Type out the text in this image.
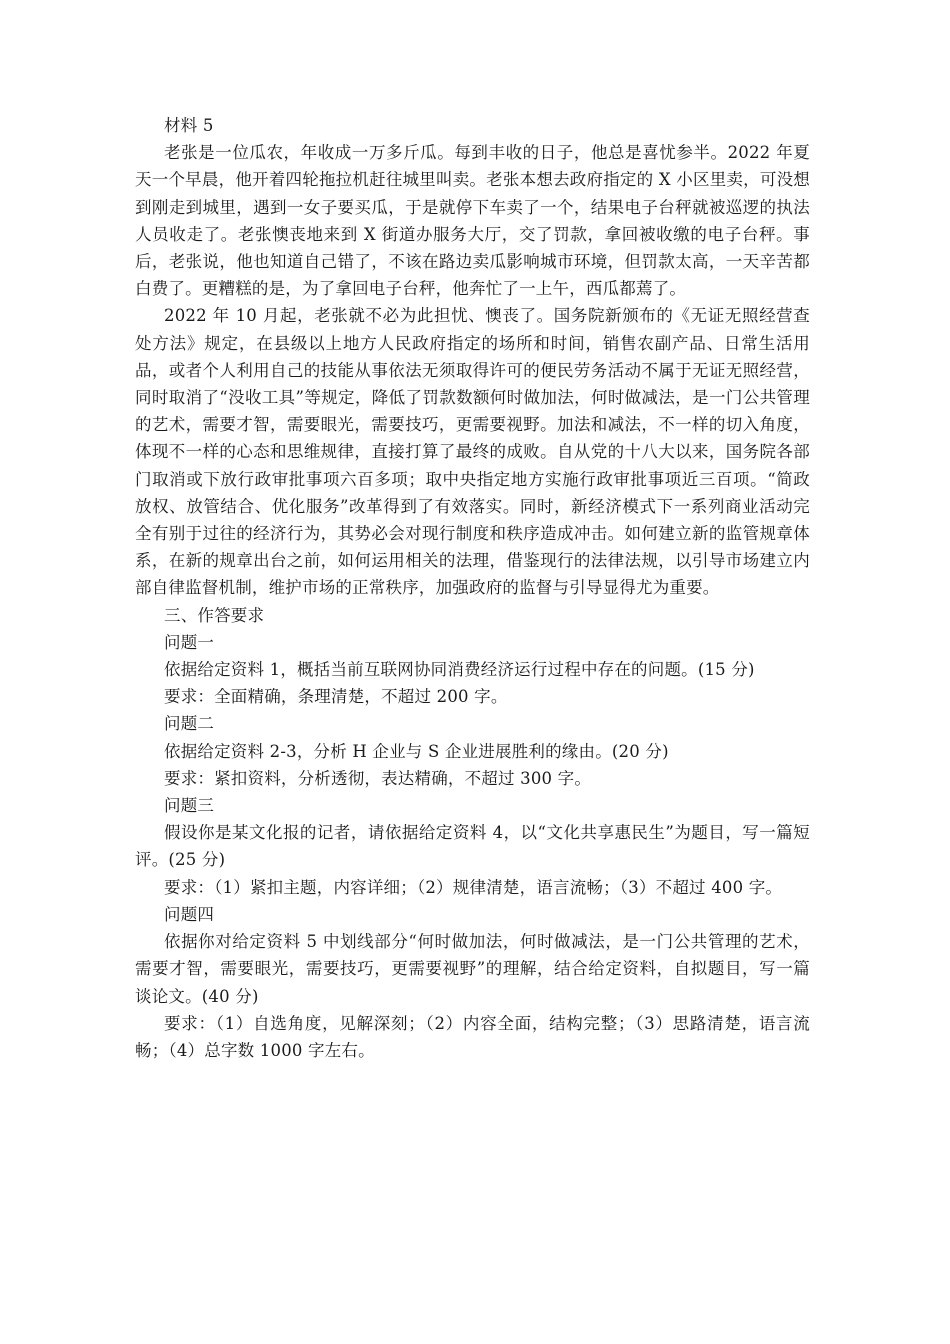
材料 5

老张是一位瓜农，年收成一万多斤瓜。每到丰收的日子，他总是喜忧参半。2022 年夏天一个早晨，他开着四轮拖拉机赶往城里叫卖。老张本想去政府指定的 X 小区里卖，可没想到刚走到城里，遇到一女子要买瓜，于是就停下车卖了一个，结果电子台秤就被巡逻的执法人员收走了。老张懊丧地来到 X 街道办服务大厅，交了罚款，拿回被收缴的电子台秤。事后，老张说，他也知道自己错了，不该在路边卖瓜影响城市环境，但罚款太高，一天辛苦都白费了。更糟糕的是，为了拿回电子台秤，他奔忙了一上午，西瓜都蔫了。

2022 年 10 月起，老张就不必为此担忧、懊丧了。国务院新颁布的《无证无照经营查处方法》规定，在县级以上地方人民政府指定的场所和时间，销售农副产品、日常生活用品，或者个人利用自己的技能从事依法无须取得许可的便民劳务活动不属于无证无照经营，同时取消了“没收工具”等规定，降低了罚款数额何时做加法，何时做减法，是一门公共管理的艺术，需要才智，需要眼光，需要技巧，更需要视野。加法和减法，不一样的切入角度，体现不一样的心态和思维规律，直接打算了最终的成败。自从党的十八大以来，国务院各部门取消或下放行政审批事项六百多项；取中央指定地方实施行政审批事项近三百项。“简政放权、放管结合、优化服务”改革得到了有效落实。同时，新经济模式下一系列商业活动完全有别于过往的经济行为，其势必会对现行制度和秩序造成冲击。如何建立新的监管规章体系，在新的规章出台之前，如何运用相关的法理，借鉴现行的法律法规，以引导市场建立内部自律监督机制，维护市场的正常秩序，加强政府的监督与引导显得尤为重要。

三、作答要求

问题一

依据给定资料 1，概括当前互联网协同消费经济运行过程中存在的问题。(15 分)

要求：全面精确，条理清楚，不超过 200 字。

问题二

依据给定资料 2-3，分析 H 企业与 S 企业进展胜利的缘由。(20 分)

要求：紧扣资料，分析透彻，表达精确，不超过 300 字。

问题三

假设你是某文化报的记者，请依据给定资料 4，以“文化共享惠民生”为题目，写一篇短评。(25 分)

要求：（1）紧扣主题，内容详细；（2）规律清楚，语言流畅；（3）不超过 400 字。

问题四

依据你对给定资料 5 中划线部分“何时做加法，何时做减法，是一门公共管理的艺术，需要才智，需要眼光，需要技巧，更需要视野”的理解，结合给定资料，自拟题目，写一篇谈论文。(40 分)

要求：（1）自选角度，见解深刻；（2）内容全面，结构完整；（3）思路清楚，语言流畅；（4）总字数 1000 字左右。
